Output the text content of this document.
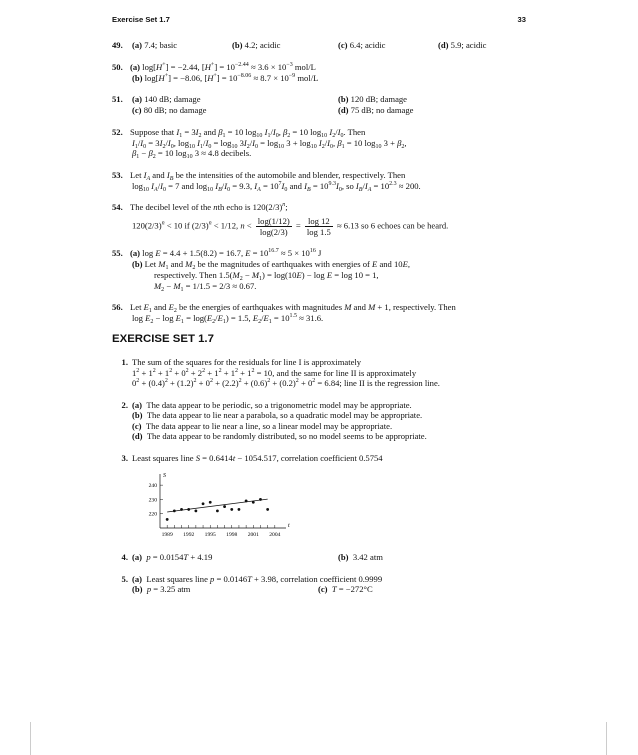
Exercise Set 1.7	33
49. (a) 7.4; basic	(b) 4.2; acidic	(c) 6.4; acidic	(d) 5.9; acidic
50. (a) log[H+] = −2.44, $[H^+] = 10^{-2.44} \approx 3.6 \times 10^{-3}$ mol/L
(b) log[H+] = −8.06, $[H^+] = 10^{-8.06} \approx 8.7 \times 10^{-9}$ mol/L
51. (a) 140 dB; damage	(b) 120 dB; damage
(c) 80 dB; no damage	(d) 75 dB; no damage
52. Suppose that $I_1 = 3I_2$ and $\beta_1 = 10$ $\log_{10} I_1/I_0$, $\beta_2 = 10$ $\log_{10} I_2/I_0$. Then
$I_1/I_0 = 3I_2/I_0$, $\log_{10} I_1/I_0 = \log_{10} 3I_2/I_0 = \log_{10} 3 + \log_{10} I_2/I_0$, $\beta_1 = 10$ $\log_{10} 3 + \beta_2$,
$\beta_1 - \beta_2 = 10$ $\log_{10} 3 \approx 4.8$ decibels.
53. Let $I_A$ and $I_B$ be the intensities of the automobile and blender, respectively. Then
$\log_{10} I_A/I_0 = 7$ and $\log_{10} I_B/I_0 = 9.3$, $I_A = 10^7I_0$ and $I_B = 10^{9.3}I_0$, so $I_B/I_A = 10^{2.3} \approx 200$.
54. The decibel level of the nth echo is $120(2/3)^n$;
$120(2/3)^n < 10$ if $(2/3)^n < 1/12$, $n < \frac{\log(1/12)}{\log(2/3)} = \frac{\log 12}{\log 1.5} \approx 6.13$ so 6 echoes can be heard.
55. (a) log E = 4.4 + 1.5(8.2) = 16.7, $E = 10^{16.7} \approx 5 \times 10^{16}$ J
(b) Let $M_1$ and $M_2$ be the magnitudes of earthquakes with energies of E and 10E,
respectively. Then $1.5(M_2 - M_1) = \log(10E) - \log E = \log 10 = 1$,
$M_2 - M_1 = 1/1.5 = 2/3 \approx 0.67$.
56. Let $E_1$ and $E_2$ be the energies of earthquakes with magnitudes M and M + 1, respectively. Then
$\log E_2 - \log E_1 = \log(E_2/E_1) = 1.5$, $E_2/E_1 = 10^{1.5} \approx 31.6$.
EXERCISE SET 1.7
1. The sum of the squares for the residuals for line I is approximately
$1^2 + 1^2 + 1^2 + 0^2 + 2^2 + 1^2 + 1^2 + 1^2 = 10$, and the same for line II is approximately
$0^2 + (0.4)^2 + (1.2)^2 + 0^2 + (2.2)^2 + (0.6)^2 + (0.2)^2 + 0^2 = 6.84$; line II is the regression line.
2. (a) The data appear to be periodic, so a trigonometric model may be appropriate.
(b) The data appear to lie near a parabola, so a quadratic model may be appropriate.
(c) The data appear to lie near a line, so a linear model may be appropriate.
(d) The data appear to be randomly distributed, so no model seems to be appropriate.
3. Least squares line S = 0.6414t − 1054.517, correlation coefficient 0.5754
1989 1992 1995 1998 2001 2004
220
230
240
t
S
4. (a) p = 0.0154T + 4.19	(b) 3.42 atm
5. (a)  Least squares line p = 0.0146T + 3.98, correlation coefficient 0.9999
(b) p = 3.25 atm	(c) T = −272°C
